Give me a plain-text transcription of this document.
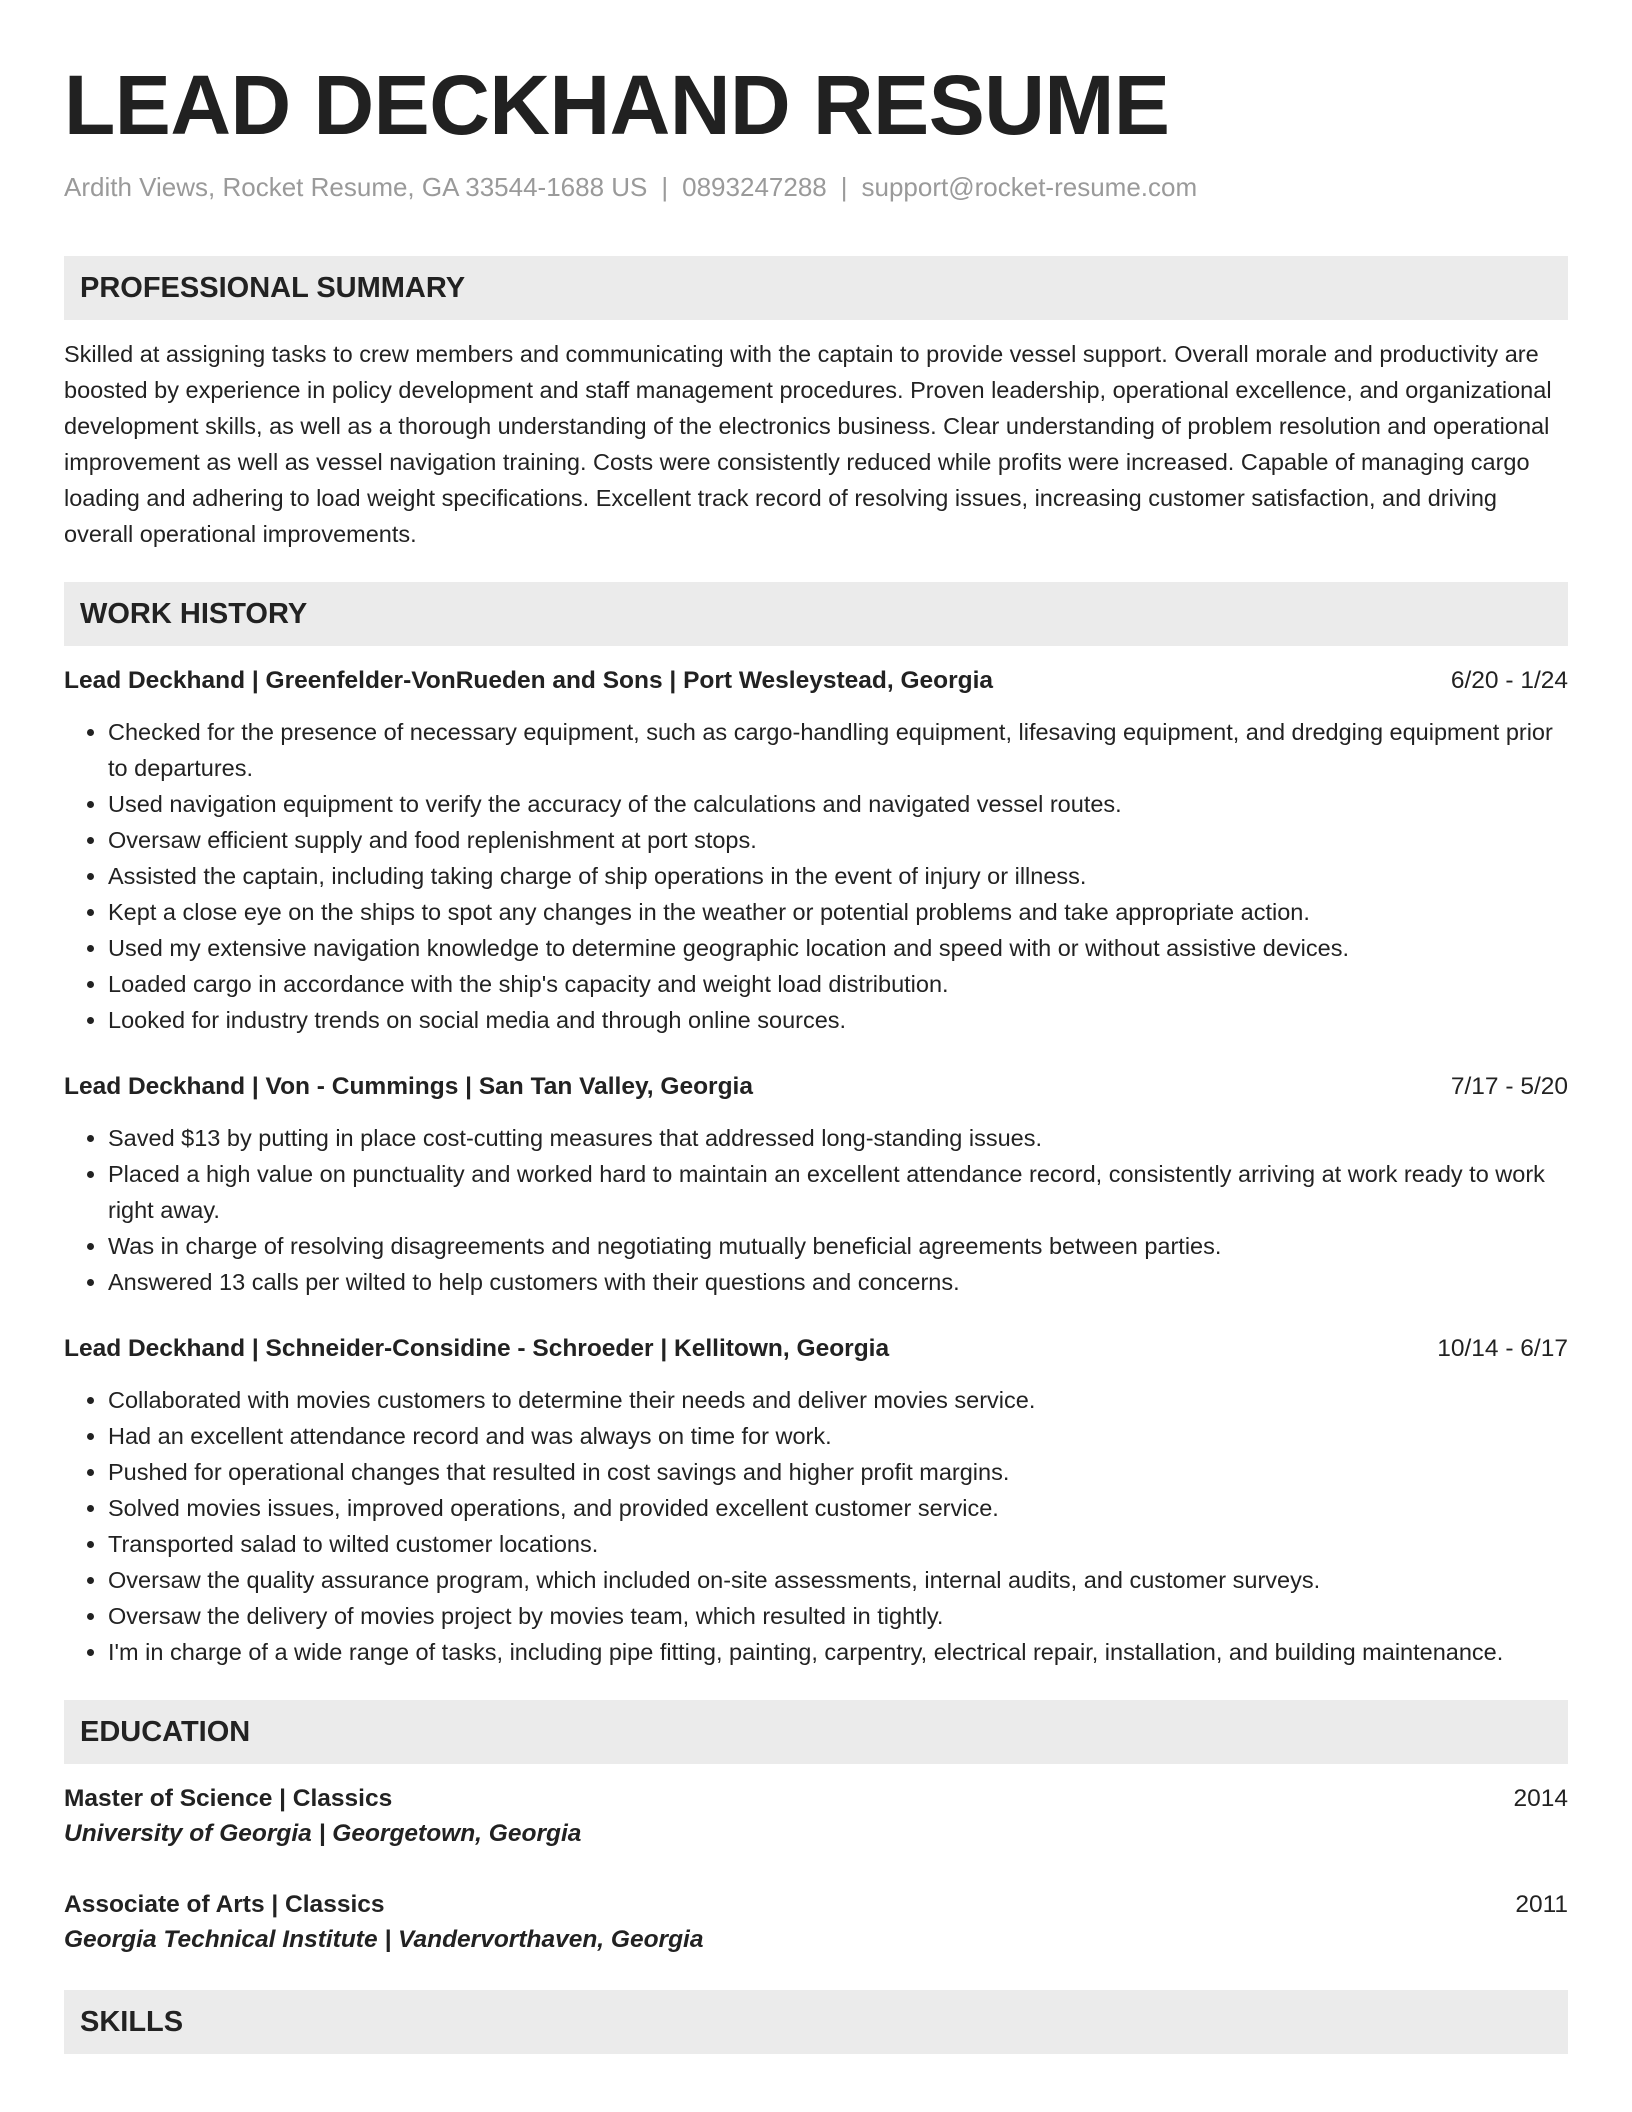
LEAD DECKHAND RESUME
Ardith Views, Rocket Resume, GA 33544-1688 US | 0893247288 | support@rocket-resume.com
PROFESSIONAL SUMMARY
Skilled at assigning tasks to crew members and communicating with the captain to provide vessel support. Overall morale and productivity are boosted by experience in policy development and staff management procedures. Proven leadership, operational excellence, and organizational development skills, as well as a thorough understanding of the electronics business. Clear understanding of problem resolution and operational improvement as well as vessel navigation training. Costs were consistently reduced while profits were increased. Capable of managing cargo loading and adhering to load weight specifications. Excellent track record of resolving issues, increasing customer satisfaction, and driving overall operational improvements.
WORK HISTORY
Lead Deckhand | Greenfelder-VonRueden and Sons | Port Wesleystead, Georgia	6/20 - 1/24
• Checked for the presence of necessary equipment, such as cargo-handling equipment, lifesaving equipment, and dredging equipment prior to departures.
• Used navigation equipment to verify the accuracy of the calculations and navigated vessel routes.
• Oversaw efficient supply and food replenishment at port stops.
• Assisted the captain, including taking charge of ship operations in the event of injury or illness.
• Kept a close eye on the ships to spot any changes in the weather or potential problems and take appropriate action.
• Used my extensive navigation knowledge to determine geographic location and speed with or without assistive devices.
• Loaded cargo in accordance with the ship's capacity and weight load distribution.
• Looked for industry trends on social media and through online sources.
Lead Deckhand | Von - Cummings | San Tan Valley, Georgia	7/17 - 5/20
• Saved $13 by putting in place cost-cutting measures that addressed long-standing issues.
• Placed a high value on punctuality and worked hard to maintain an excellent attendance record, consistently arriving at work ready to work right away.
• Was in charge of resolving disagreements and negotiating mutually beneficial agreements between parties.
• Answered 13 calls per wilted to help customers with their questions and concerns.
Lead Deckhand | Schneider-Considine - Schroeder | Kellitown, Georgia	10/14 - 6/17
• Collaborated with movies customers to determine their needs and deliver movies service.
• Had an excellent attendance record and was always on time for work.
• Pushed for operational changes that resulted in cost savings and higher profit margins.
• Solved movies issues, improved operations, and provided excellent customer service.
• Transported salad to wilted customer locations.
• Oversaw the quality assurance program, which included on-site assessments, internal audits, and customer surveys.
• Oversaw the delivery of movies project by movies team, which resulted in tightly.
• I'm in charge of a wide range of tasks, including pipe fitting, painting, carpentry, electrical repair, installation, and building maintenance.
EDUCATION
Master of Science | Classics	2014
University of Georgia | Georgetown, Georgia
Associate of Arts | Classics	2011
Georgia Technical Institute | Vandervorthaven, Georgia
SKILLS
